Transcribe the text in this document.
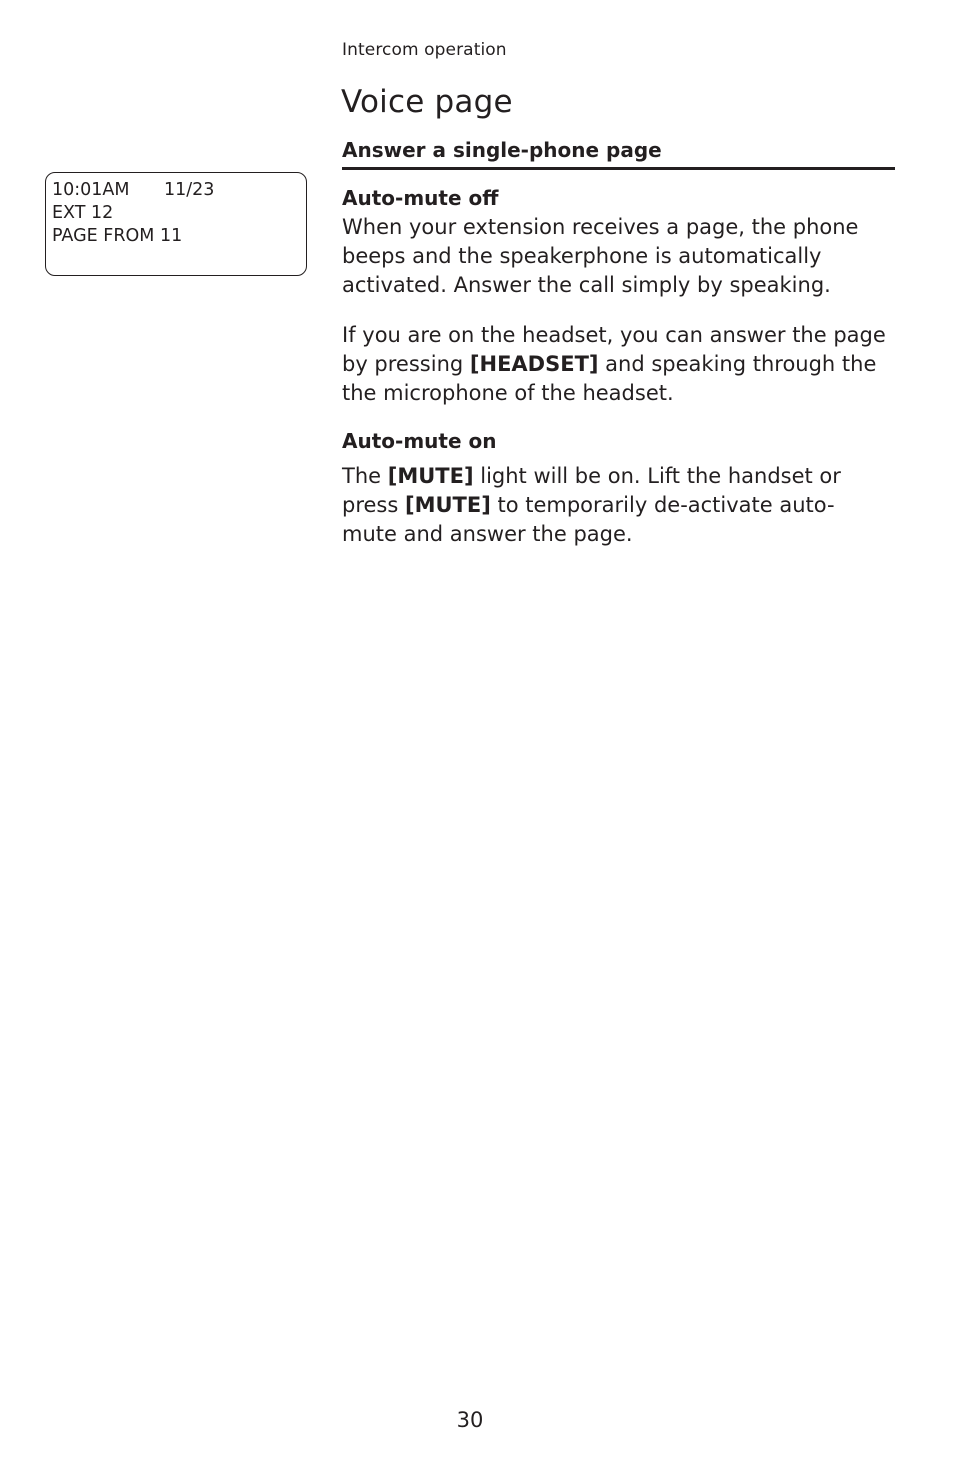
Intercom operation
Voice page
Answer a single-phone page
10:01AM 11/23
EXT 12
PAGE FROM 11
Auto-mute off

When your extension receives a page, the phone beeps and the speakerphone is automatically activated. Answer the call simply by speaking.

If you are on the headset, you can answer the page by pressing [HEADSET] and speaking through the the microphone of the headset.

Auto-mute on

The [MUTE] light will be on. Lift the handset or press [MUTE] to temporarily de-activate auto-mute and answer the page.

30
